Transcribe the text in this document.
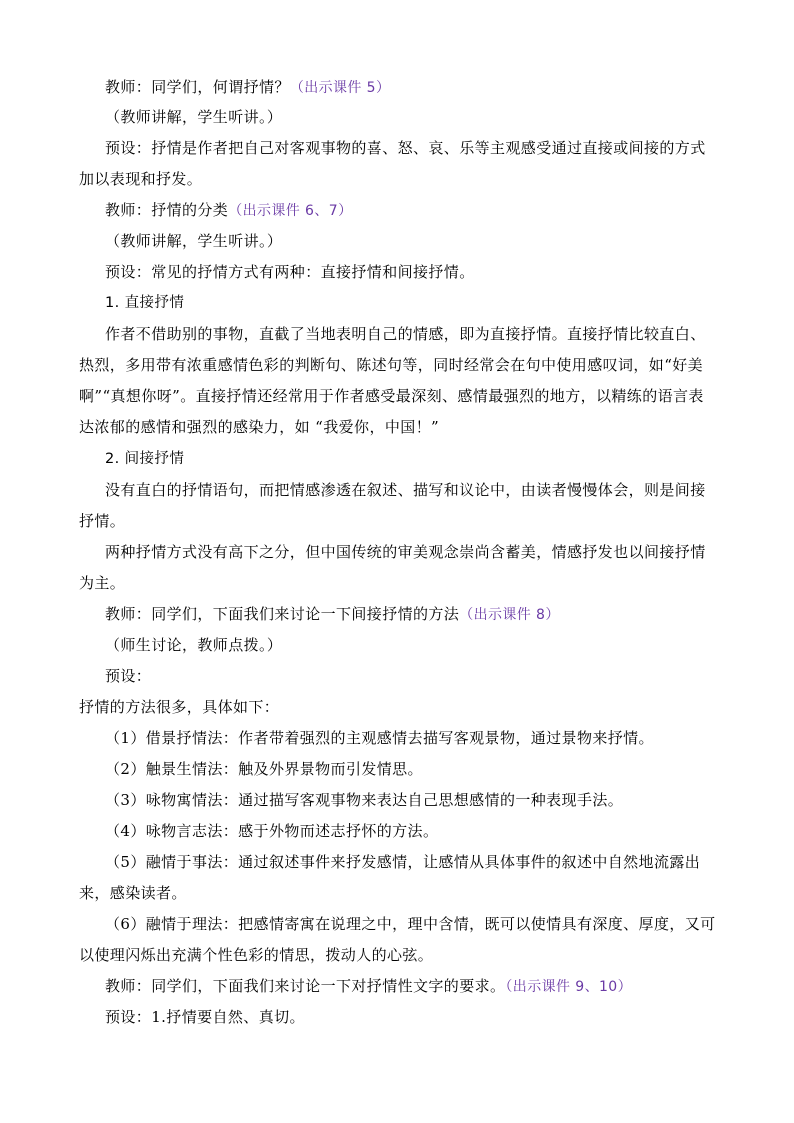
教师：同学们，何谓抒情？（出示课件 5）

（教师讲解，学生听讲。）

预设：抒情是作者把自己对客观事物的喜、怒、哀、乐等主观感受通过直接或间接的方式加以表现和抒发。

教师：抒情的分类（出示课件 6、7）

（教师讲解，学生听讲。）

预设：常见的抒情方式有两种：直接抒情和间接抒情。

1. 直接抒情

作者不借助别的事物，直截了当地表明自己的情感，即为直接抒情。直接抒情比较直白、热烈，多用带有浓重感情色彩的判断句、陈述句等，同时经常会在句中使用感叹词，如“好美啊”“真想你呀”。直接抒情还经常用于作者感受最深刻、感情最强烈的地方，以精练的语言表达浓郁的感情和强烈的感染力，如 “我爱你，中国！”

2. 间接抒情

没有直白的抒情语句，而把情感渗透在叙述、描写和议论中，由读者慢慢体会，则是间接抒情。

两种抒情方式没有高下之分，但中国传统的审美观念崇尚含蓄美，情感抒发也以间接抒情为主。

教师：同学们，下面我们来讨论一下间接抒情的方法（出示课件 8）

（师生讨论，教师点拨。）

预设：

抒情的方法很多，具体如下：

（1）借景抒情法：作者带着强烈的主观感情去描写客观景物，通过景物来抒情。

（2）触景生情法：触及外界景物而引发情思。

（3）咏物寓情法：通过描写客观事物来表达自己思想感情的一种表现手法。

（4）咏物言志法：感于外物而述志抒怀的方法。

（5）融情于事法：通过叙述事件来抒发感情，让感情从具体事件的叙述中自然地流露出来，感染读者。

（6）融情于理法：把感情寄寓在说理之中，理中含情，既可以使情具有深度、厚度，又可以使理闪烁出充满个性色彩的情思，拨动人的心弦。

教师：同学们，下面我们来讨论一下对抒情性文字的要求。（出示课件 9、10）

预设：1.抒情要自然、真切。
